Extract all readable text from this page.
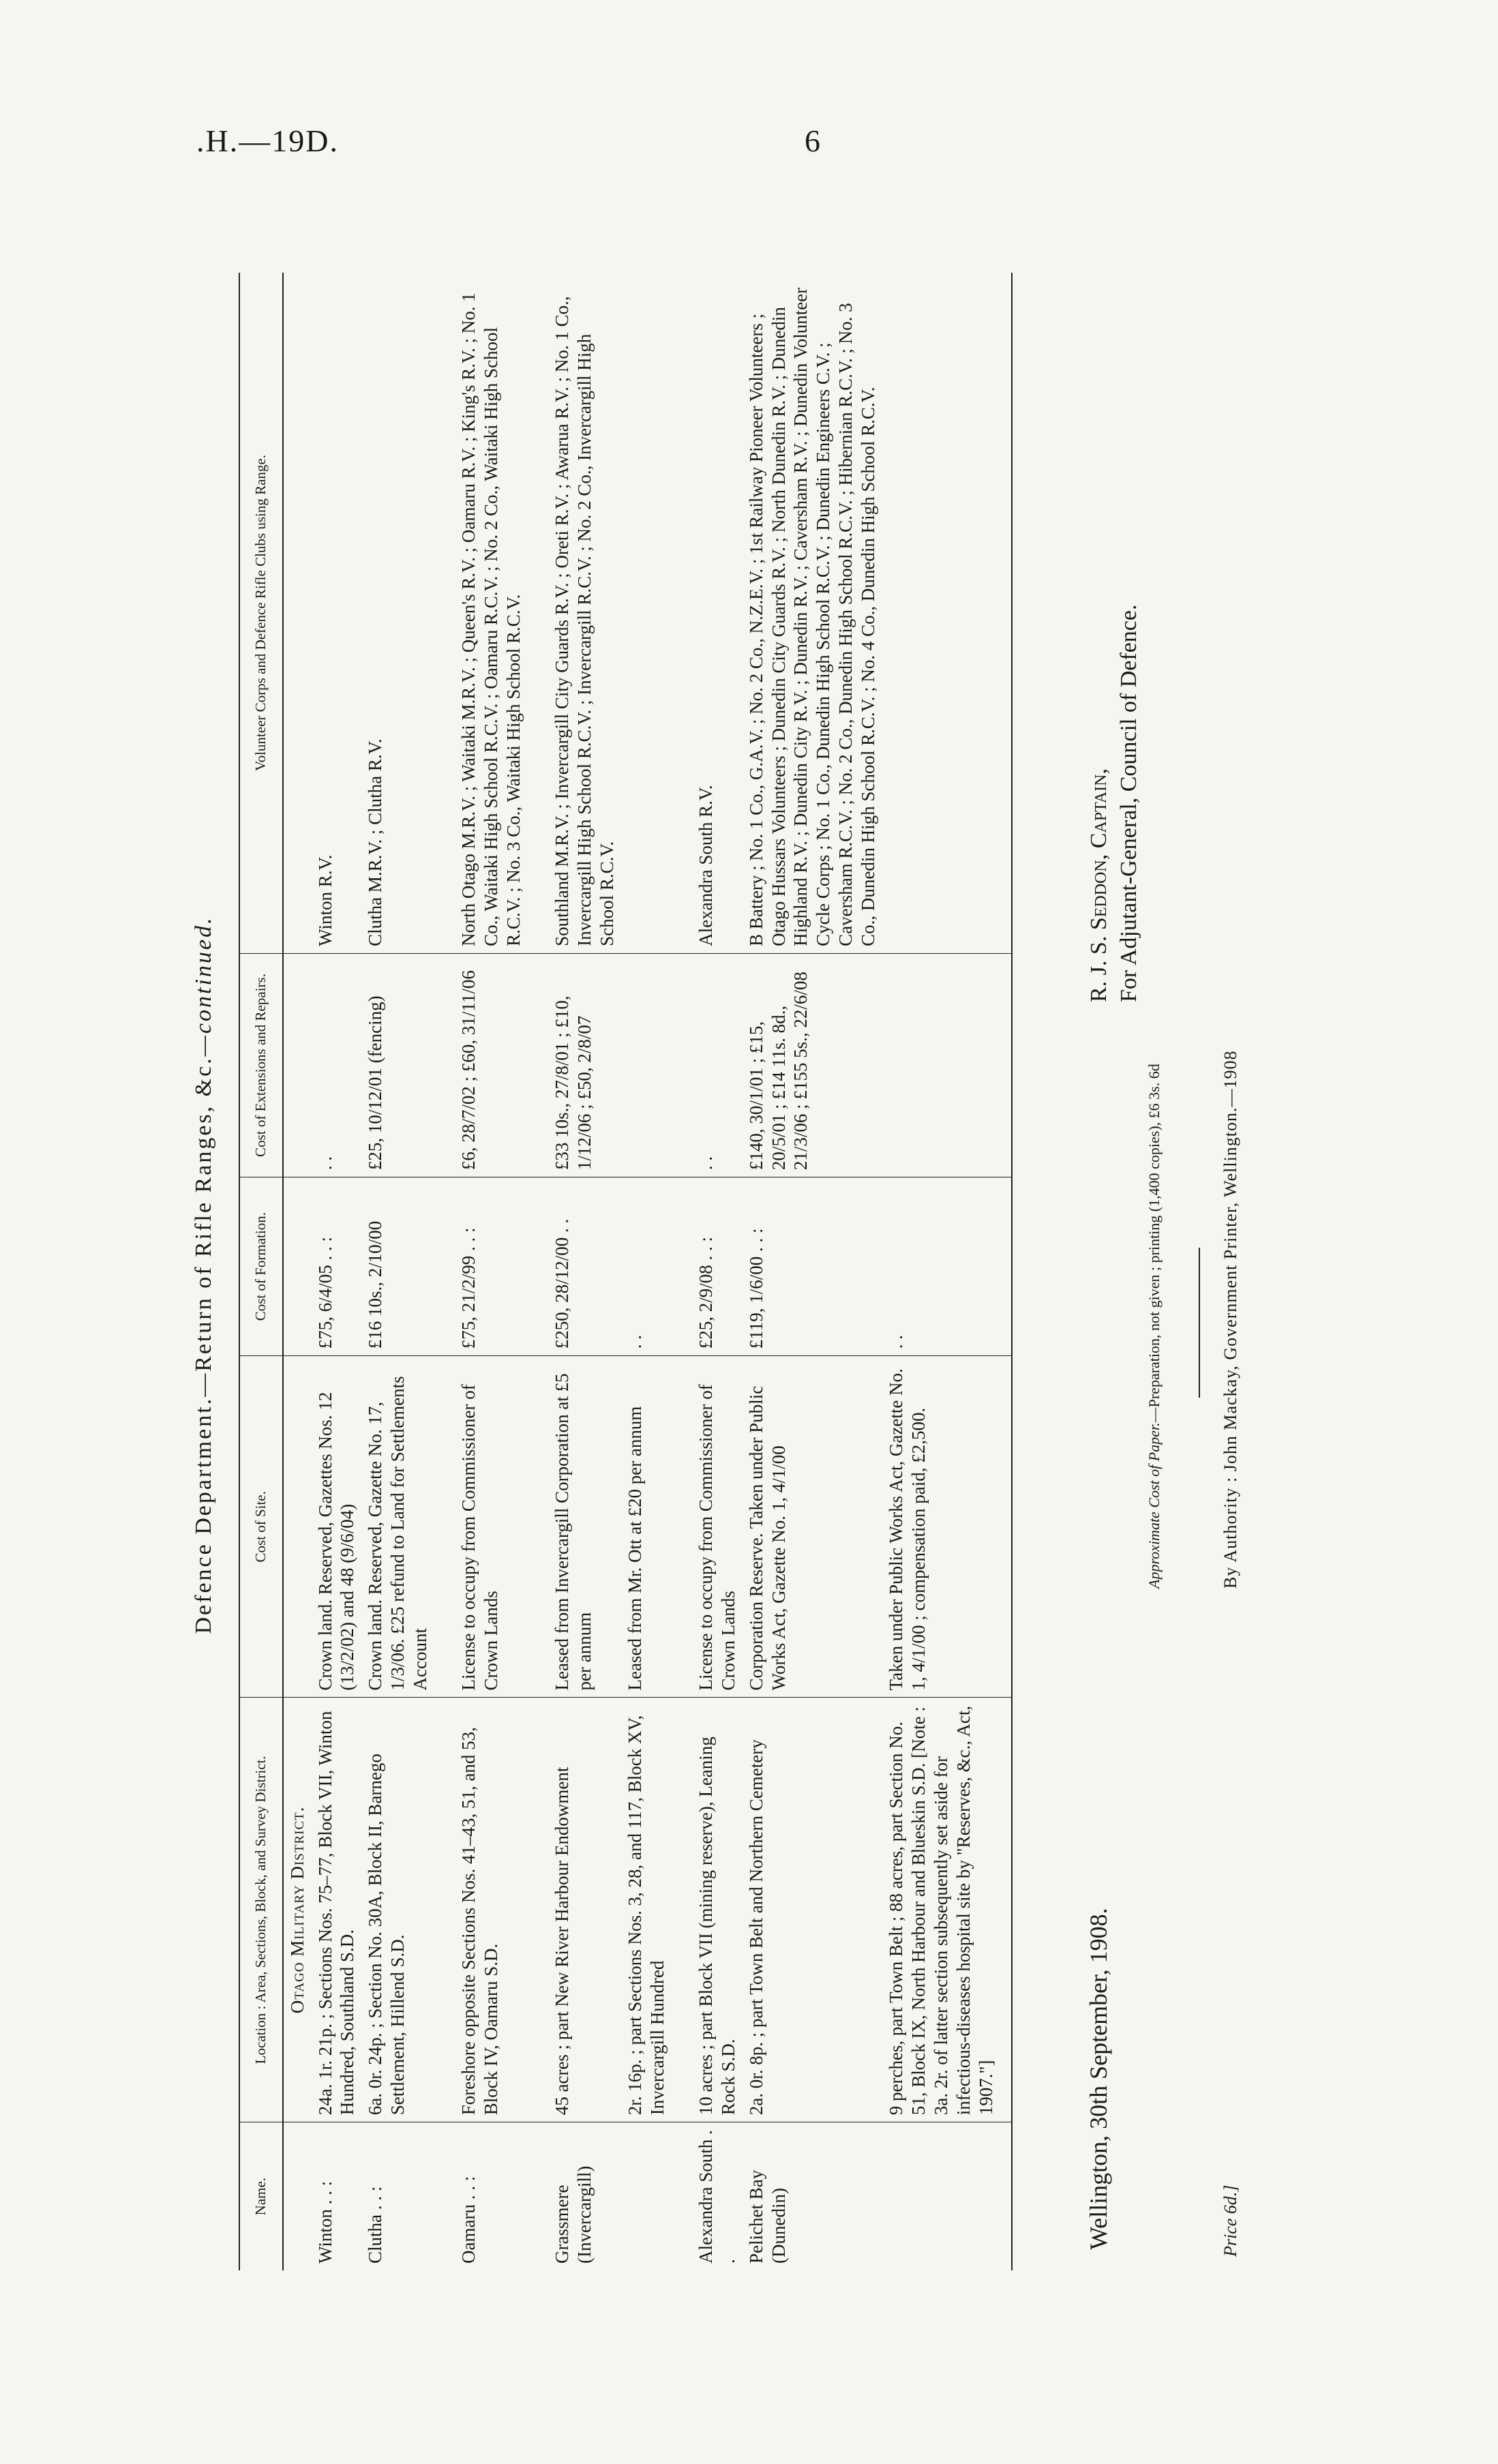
.H.—19D.	6
Defence Department.—Return of Rifle Ranges, &c.—continued.
Name.	Location : Area, Sections, Block, and Survey District.	Cost of Site.	Cost of Formation.	Cost of Extensions and Repairs.	Volunteer Corps and Defence Rifle Clubs using Range.
	Otago Military District.				
Winton . . :	24a. 1r. 21p. ; Sections Nos. 75–77, Block VII, Winton Hundred, Southland S.D.	Crown land. Reserved, Gazettes Nos. 12 (13/2/02) and 48 (9/6/04)	£75, 6/4/05 . . :	. .	Winton R.V.
Clutha . . :	6a. 0r. 24p. ; Section No. 30A, Block II, Barnego Settlement, Hillend S.D.	Crown land. Reserved, Gazette No. 17, 1/3/06. £25 refund to Land for Settlements Account	£16 10s., 2/10/00	£25, 10/12/01 (fencing)	Clutha M.R.V. ; Clutha R.V.

Oamaru . . :	Foreshore opposite Sections Nos. 41–43, 51, and 53, Block IV, Oamaru S.D.	License to occupy from Commissioner of Crown Lands	£75, 21/2/99 . . :	£6, 28/7/02 ; £60, 31/11/06	North Otago M.R.V. ; Waitaki M.R.V. ; Queen's R.V. ; Oamaru R.V. ; King's R.V. ; No. 1 Co., Waitaki High School R.C.V. ; Oamaru R.C.V. ; No. 2 Co., Waitaki High School R.C.V. ; No. 3 Co., Waitaki High School R.C.V.

Grassmere (Invercargill)	45 acres ; part New River Harbour Endowment	Leased from Invercargill Corporation at £5 per annum	£250, 28/12/00 . .	£33 10s., 27/8/01 ; £10, 1/12/06 ; £50, 2/8/07	Southland M.R.V. ; Invercargill City Guards R.V. ; Oreti R.V. ; Awarua R.V. ; No. 1 Co., Invercargill High School R.C.V. ; Invercargill R.C.V. ; No. 2 Co., Invercargill High School R.C.V.
	2r. 16p. ; part Sections Nos. 3, 28, and 117, Block XV, Invercargill Hundred	Leased from Mr. Ott at £20 per annum	. .		

Alexandra South . .	10 acres ; part Block VII (mining reserve), Leaning Rock S.D.	License to occupy from Commissioner of Crown Lands	£25, 2/9/08 . . :	. .	Alexandra South R.V.
Pelichet Bay (Dunedin)	2a. 0r. 8p. ; part Town Belt and Northern Cemetery	Corporation Reserve. Taken under Public Works Act, Gazette No. 1, 4/1/00	£119, 1/6/00 . . :	£140, 30/1/01 ; £15, 20/5/01 ; £14 11s. 8d., 21/3/06 ; £155 5s., 22/6/08	B Battery ; No. 1 Co., G.A.V. ; No. 2 Co., N.Z.E.V. ; 1st Railway Pioneer Volunteers ; Otago Hussars Volunteers ; Dunedin City Guards R.V. ; North Dunedin R.V. ; Dunedin Highland R.V. ; Dunedin City R.V. ; Dunedin R.V. ; Caversham R.V. ; Dunedin Volunteer Cycle Corps ; No. 1 Co., Dunedin High School R.C.V. ; Dunedin Engineers C.V. ; Caversham R.C.V. ; No. 2 Co., Dunedin High School R.C.V. ; Hibernian R.C.V. ; No. 3 Co., Dunedin High School R.C.V. ; No. 4 Co., Dunedin High School R.C.V.
	9 perches, part Town Belt ; 88 acres, part Section No. 51, Block IX, North Harbour and Blueskin S.D. [Note : 3a. 2r. of latter section subsequently set aside for infectious-diseases hospital site by "Reserves, &c., Act, 1907."]	Taken under Public Works Act, Gazette No. 1, 4/1/00 ; compensation paid, £2,500.	. .		
Wellington, 30th September, 1908.
R. J. S. Seddon, Captain, For Adjutant-General, Council of Defence.
Approximate Cost of Paper.—Preparation, not given ; printing (1,400 copies), £6 3s. 6d	By Authority : John Mackay, Government Printer, Wellington.—1908
Price 6d.]
